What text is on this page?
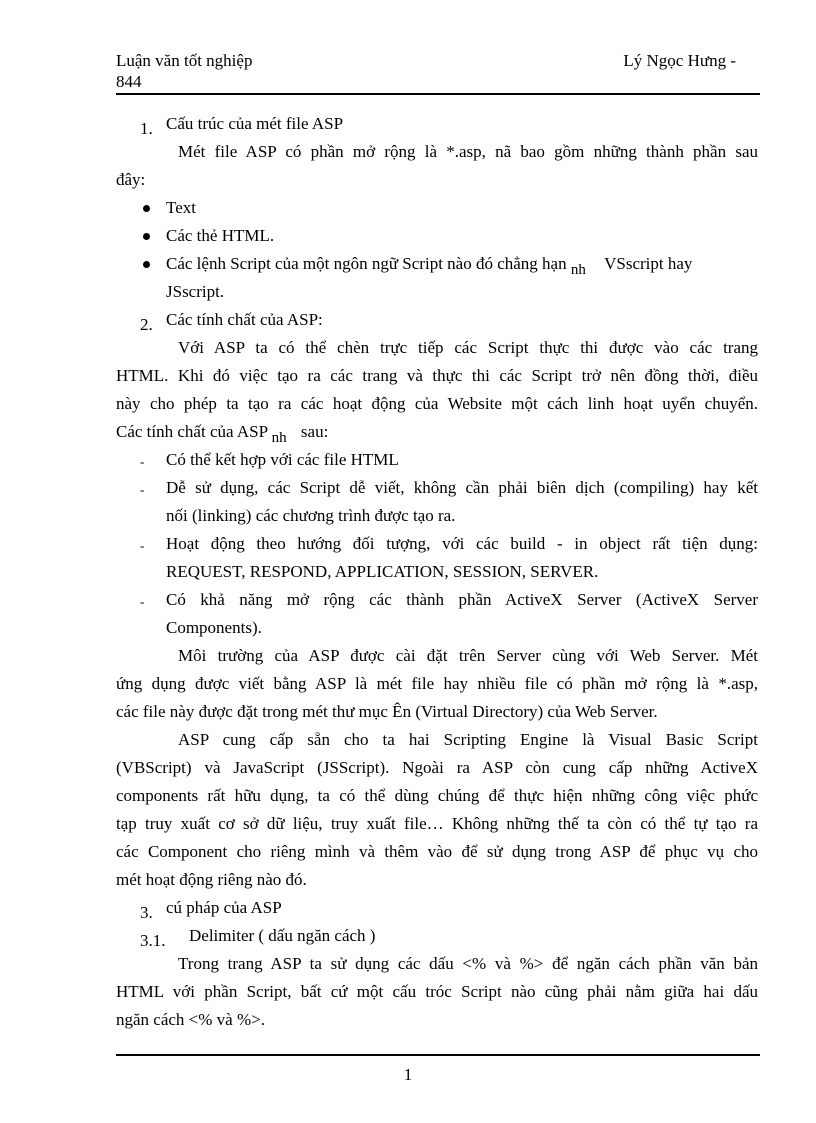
Luận văn tốt nghiệp	Lý Ngọc Hưng -
844
1. Cấu trúc của mét file ASP
Mét file ASP có phần mở rộng là *.asp, nã bao gồm những thành phần sau
đây:
Text
Các thẻ HTML.
Các lệnh Script của một ngôn ngữ Script nào đó chẳng hạn nh VSscript hay
JSscript.
2. Các tính chất của ASP:
Với ASP ta có thể chèn trực tiếp các Script thực thi được vào các trang
HTML. Khi đó việc tạo ra các trang và thực thi các Script trở nên đồng thời, điều
này cho phép ta tạo ra các hoạt động của Website một cách linh hoạt uyển chuyển.
Các tính chất của ASP nh sau:
- Có thể kết hợp với các file HTML
- Dễ sử dụng, các Script dễ viết, không cần phải biên dịch (compiling) hay kết
nối (linking) các chương trình được tạo ra.
- Hoạt động theo hướng đối tượng, với các build - in object rất tiện dụng:
REQUEST, RESPOND, APPLICATION, SESSION, SERVER.
- Có khả năng mở rộng các thành phần ActiveX Server (ActiveX Server
Components).
Môi trường của ASP được cài đặt trên Server cùng với Web Server. Mét
ứng dụng được viết bằng ASP là mét file hay nhiều file có phần mở rộng là *.asp,
các file này được đặt trong mét thư mục Ên (Virtual Directory) của Web Server.
ASP cung cấp sẵn cho ta hai Scripting Engine là Visual Basic Script
(VBScript) và JavaScript (JSScript). Ngoài ra ASP còn cung cấp những ActiveX
components rất hữu dụng, ta có thể dùng chúng để thực hiện những công việc phức
tạp truy xuất cơ sở dữ liệu, truy xuất file… Không những thế ta còn có thể tự tạo ra
các Component cho riêng mình và thêm vào để sử dụng trong ASP để phục vụ cho
mét hoạt động riêng nào đó.
3. cú pháp của ASP
3.1. Delimiter ( dấu ngăn cách )
Trong trang ASP ta sử dụng các dấu <% và %> để ngăn cách phần văn bản
HTML với phần Script, bất cứ một cấu tróc Script nào cũng phải nằm giữa hai dấu
ngăn cách <% và %>.
1
